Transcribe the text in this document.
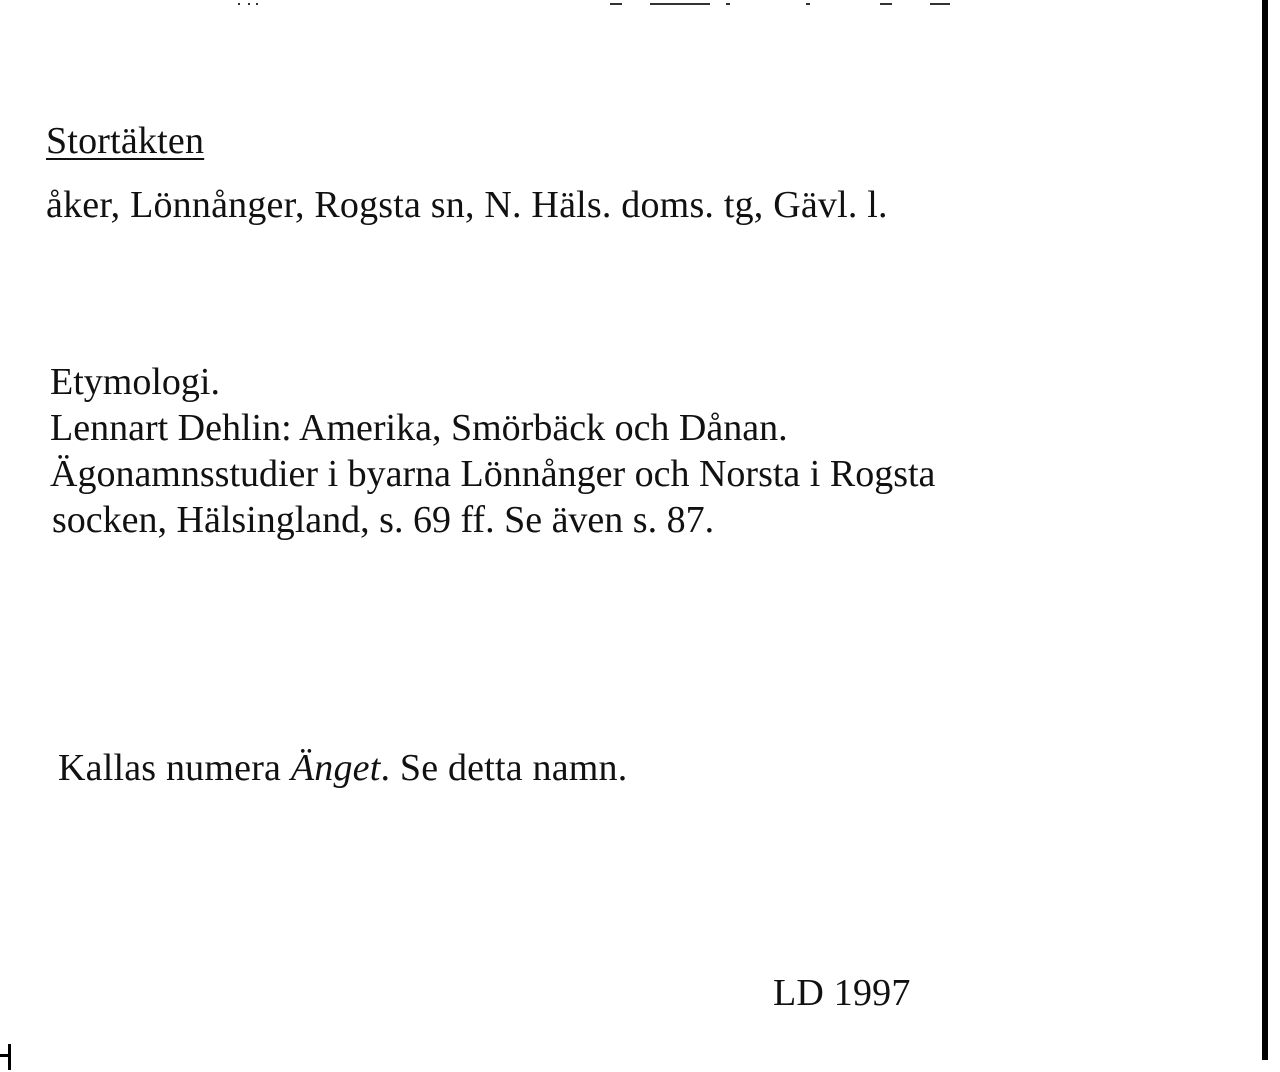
Stortäkten
åker, Lönnånger, Rogsta sn, N. Häls. doms. tg, Gävl. l.
Etymologi.
Lennart Dehlin: Amerika, Smörbäck och Dånan.
Ägonamnsstudier i byarna Lönnånger och Norsta i Rogsta
socken, Hälsingland, s. 69 ff. Se även s. 87.
Kallas numera Änget. Se detta namn.
LD 1997
